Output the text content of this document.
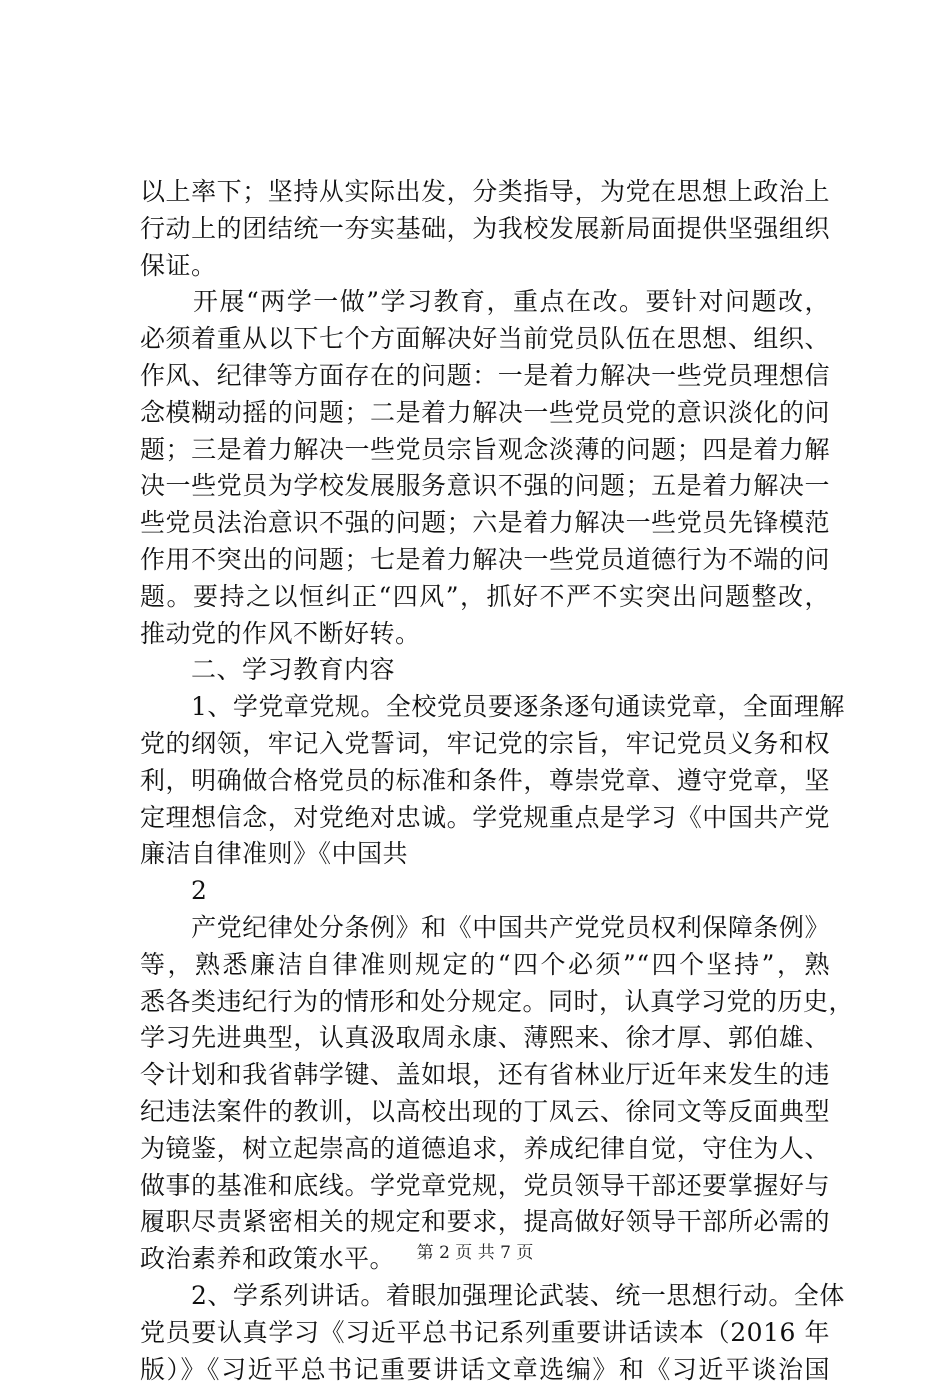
以上率下；坚持从实际出发，分类指导，为党在思想上政治上
行动上的团结统一夯实基础，为我校发展新局面提供坚强组织
保证。
　　开展“两学一做”学习教育，重点在改。要针对问题改，
必须着重从以下七个方面解决好当前党员队伍在思想、组织、
作风、纪律等方面存在的问题：一是着力解决一些党员理想信
念模糊动摇的问题；二是着力解决一些党员党的意识淡化的问
题；三是着力解决一些党员宗旨观念淡薄的问题；四是着力解
决一些党员为学校发展服务意识不强的问题；五是着力解决一
些党员法治意识不强的问题；六是着力解决一些党员先锋模范
作用不突出的问题；七是着力解决一些党员道德行为不端的问
题。要持之以恒纠正“四风”，抓好不严不实突出问题整改，
推动党的作风不断好转。
　　二、学习教育内容
　　1、学党章党规。全校党员要逐条逐句通读党章，全面理解
党的纲领，牢记入党誓词，牢记党的宗旨，牢记党员义务和权
利，明确做合格党员的标准和条件，尊崇党章、遵守党章，坚
定理想信念，对党绝对忠诚。学党规重点是学习《中国共产党
廉洁自律准则》《中国共
　　2
　　产党纪律处分条例》和《中国共产党党员权利保障条例》
等，熟悉廉洁自律准则规定的“四个必须”“四个坚持”，熟
悉各类违纪行为的情形和处分规定。同时，认真学习党的历史，
学习先进典型，认真汲取周永康、薄熙来、徐才厚、郭伯雄、
令计划和我省韩学键、盖如垠，还有省林业厅近年来发生的违
纪违法案件的教训，以高校出现的丁凤云、徐同文等反面典型
为镜鉴，树立起崇高的道德追求，养成纪律自觉，守住为人、
做事的基准和底线。学党章党规，党员领导干部还要掌握好与
履职尽责紧密相关的规定和要求，提高做好领导干部所必需的
政治素养和政策水平。
　　2、学系列讲话。着眼加强理论武装、统一思想行动。全体
党员要认真学习《习近平总书记系列重要讲话读本（2016 年
版）》《习近平总书记重要讲话文章选编》和《习近平谈治国
第 2 页 共 7 页
